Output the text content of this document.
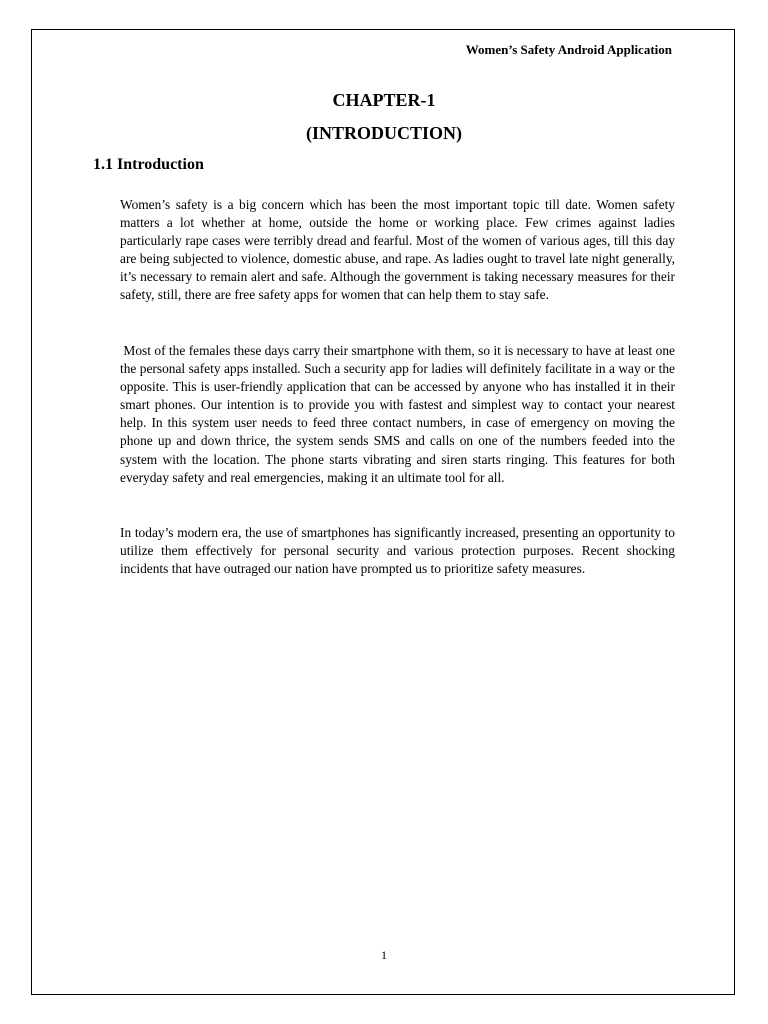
Women’s Safety Android Application
CHAPTER-1
(INTRODUCTION)
1.1 Introduction

Women’s safety is a big concern which has been the most important topic till date. Women safety matters a lot whether at home, outside the home or working place. Few crimes against ladies particularly rape cases were terribly dread and fearful. Most of the women of various ages, till this day are being subjected to violence, domestic abuse, and rape. As ladies ought to travel late night generally, it’s necessary to remain alert and safe. Although the government is taking necessary measures for their safety, still, there are free safety apps for women that can help them to stay safe.

Most of the females these days carry their smartphone with them, so it is necessary to have at least one the personal safety apps installed. Such a security app for ladies will definitely facilitate in a way or the opposite. This is user-friendly application that can be accessed by anyone who has installed it in their smart phones. Our intention is to provide you with fastest and simplest way to contact your nearest help. In this system user needs to feed three contact numbers, in case of emergency on moving the phone up and down thrice, the system sends SMS and calls on one of the numbers feeded into the system with the location. The phone starts vibrating and siren starts ringing. This features for both everyday safety and real emergencies, making it an ultimate tool for all.

In today’s modern era, the use of smartphones has significantly increased, presenting an opportunity to utilize them effectively for personal security and various protection purposes. Recent shocking incidents that have outraged our nation have prompted us to prioritize safety measures.

1
